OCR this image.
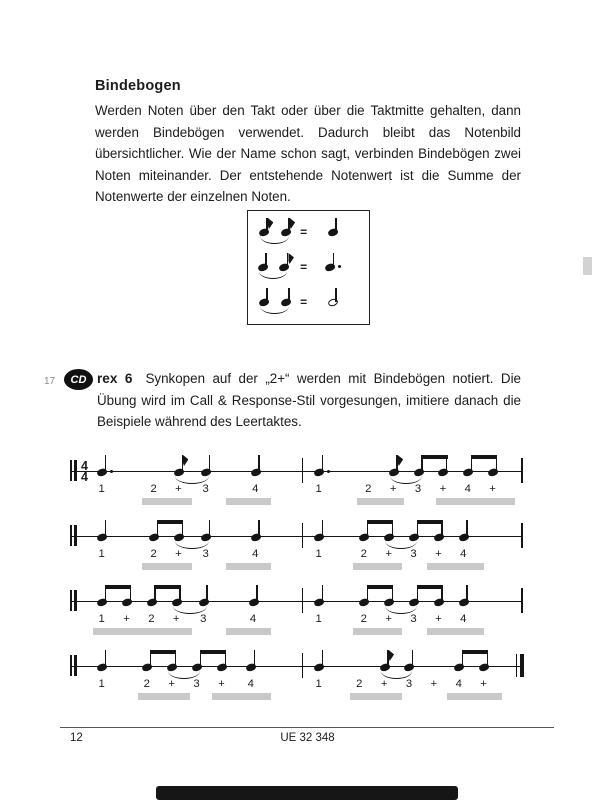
Bindebogen

Werden Noten über den Takt oder über die Taktmitte gehalten, dann werden Bindebögen verwendet. Dadurch bleibt das Notenbild übersichtlicher. Wie der Name schon sagt, verbinden Bindebögen zwei Noten miteinander. Der entstehende Notenwert ist die Summe der Notenwerte der einzelnen Noten.

=
=
=
17	CD rex 6 Synkopen auf der „2+“ werden mit Bindebögen notiert. Die Übung wird im Call & Response-Stil vorgesungen, imitiere danach die Beispiele während des Leertaktes.

4
4
1	2 + 3	4	1	2 + 3 + 4 +
1	2 + 3	4	1	2 + 3 + 4
1 + 2 + 3	4	1	2 + 3 + 4
1	2 + 3 + 4	1	2 + 3 + 4 +
12	UE 32 348
